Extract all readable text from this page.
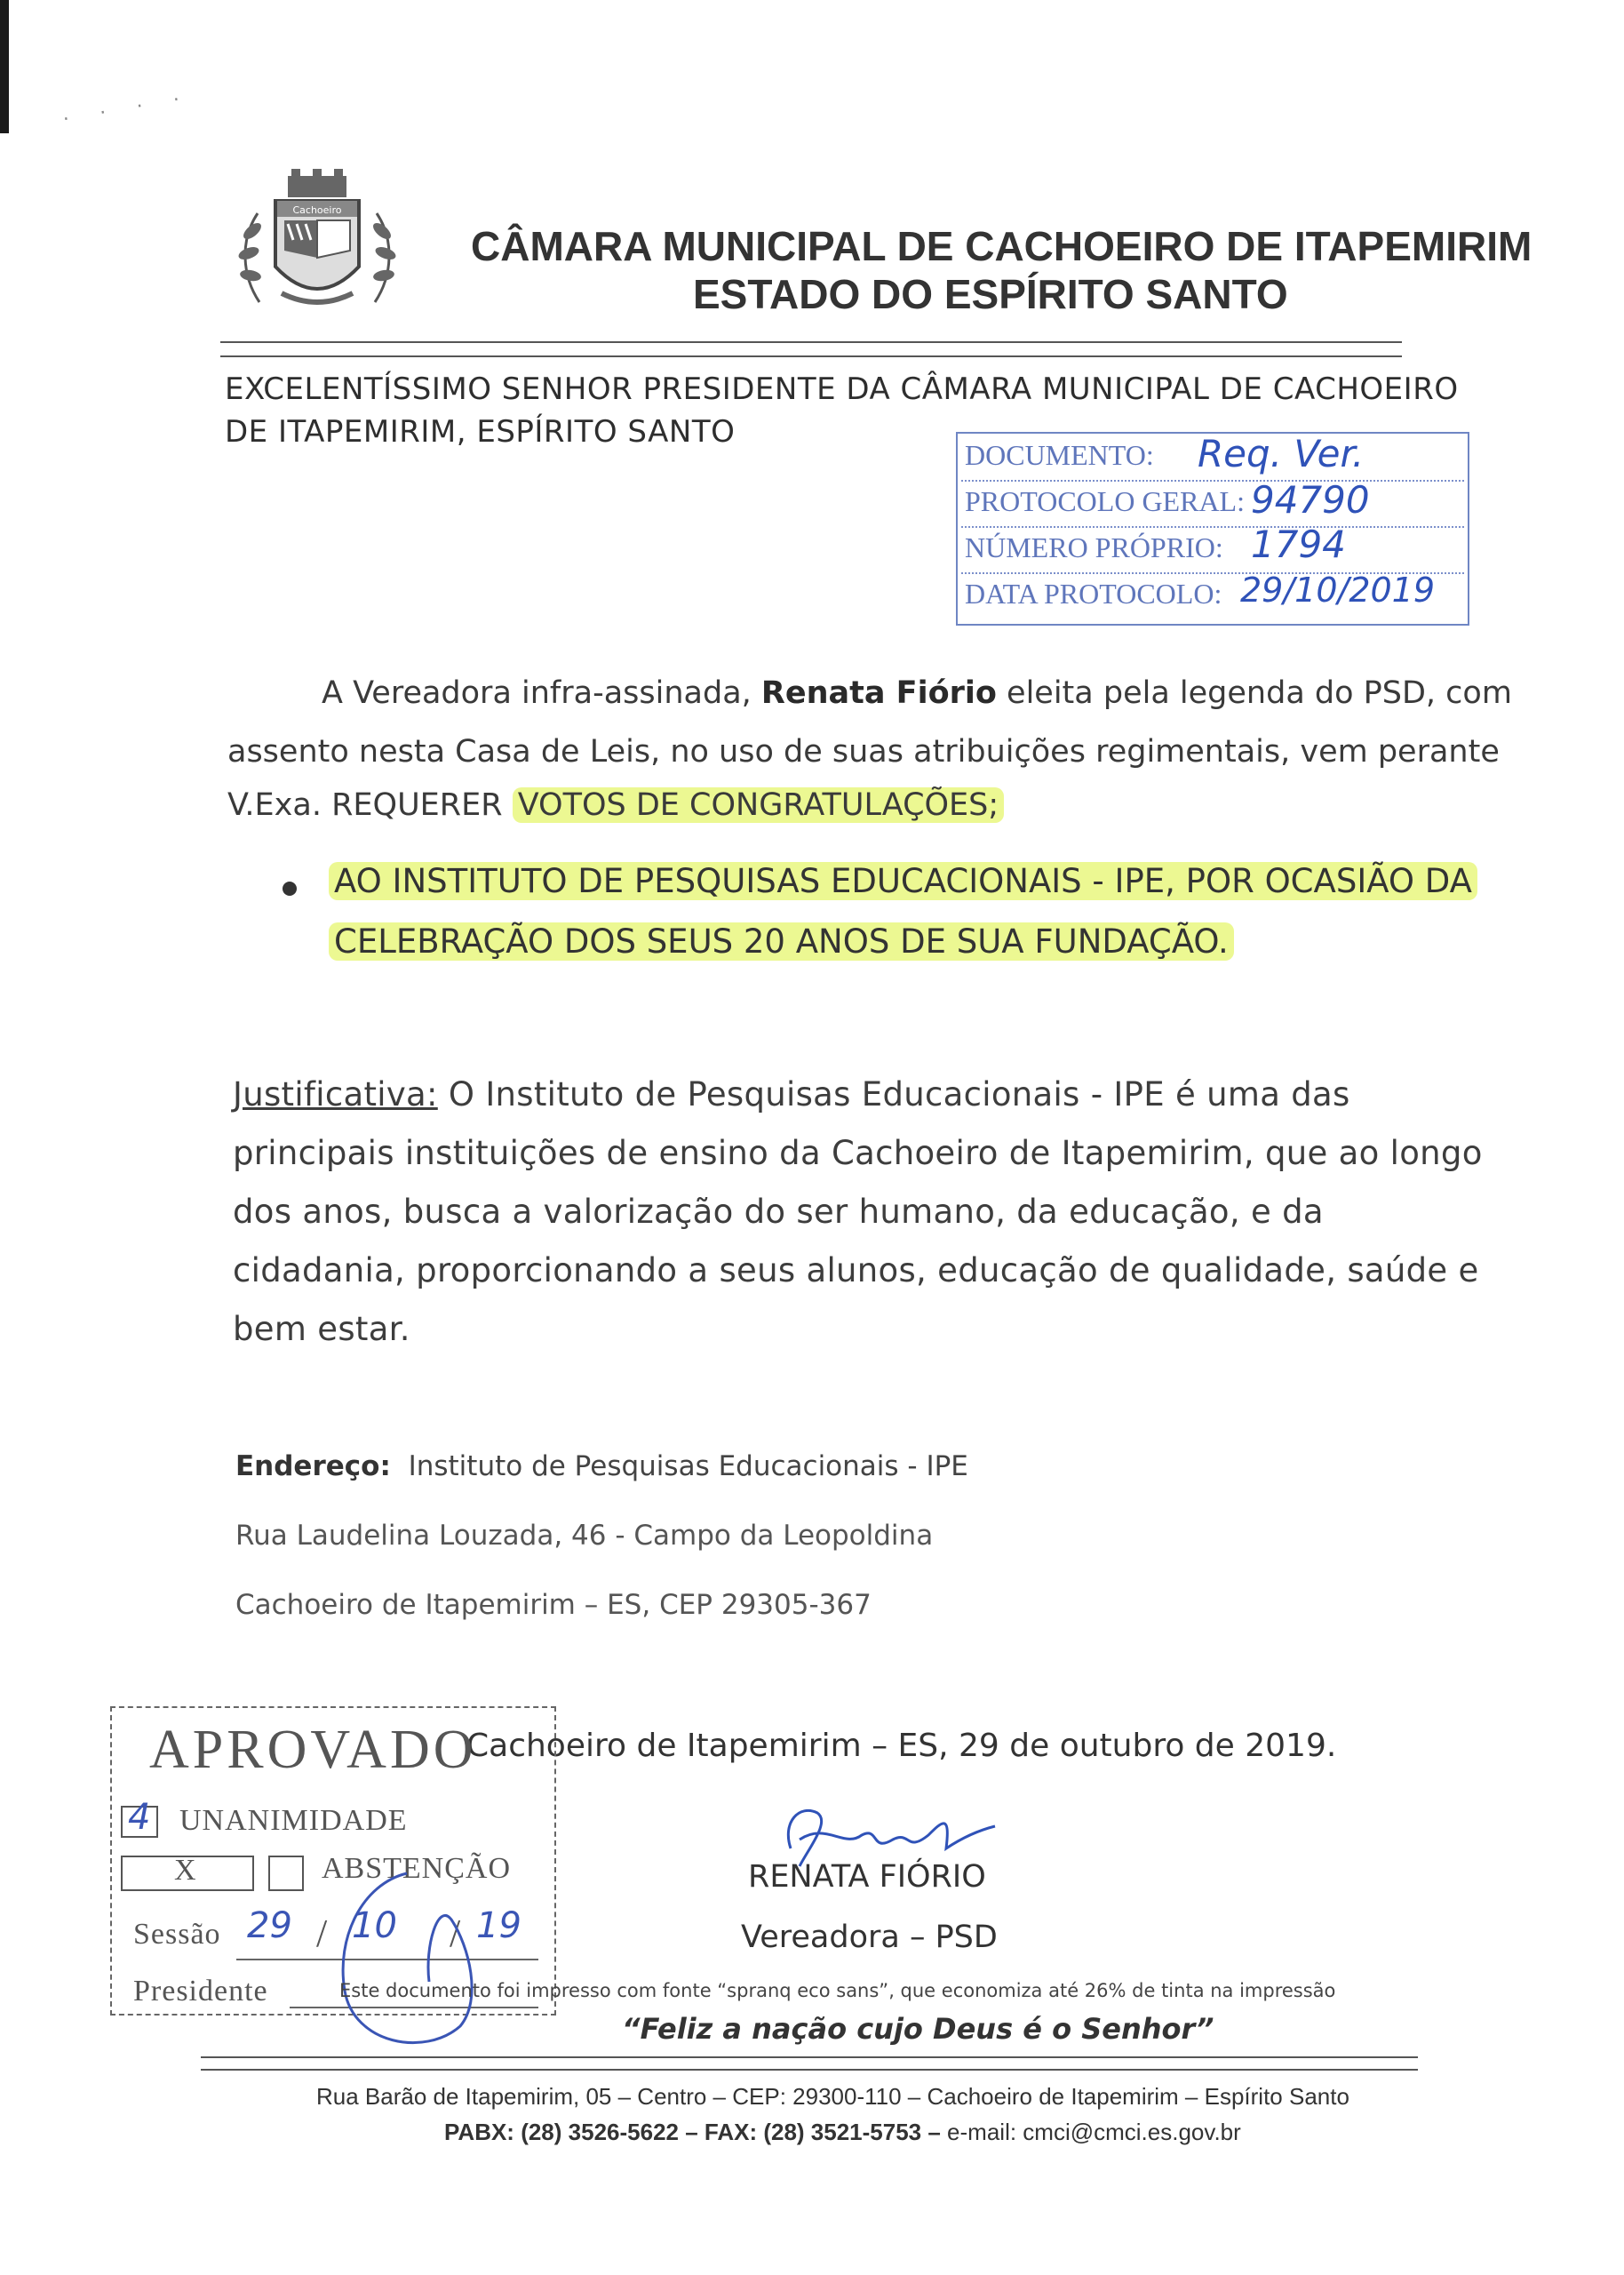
· · · ·
Cachoeiro
CÂMARA MUNICIPAL DE CACHOEIRO DE ITAPEMIRIM
ESTADO DO ESPÍRITO SANTO
EXCELENTÍSSIMO SENHOR PRESIDENTE DA CÂMARA MUNICIPAL DE CACHOEIRO
DE ITAPEMIRIM, ESPÍRITO SANTO
DOCUMENTO: Req. Ver.
PROTOCOLO GERAL: 94790
NÚMERO PRÓPRIO: 1794
DATA PROTOCOLO: 29/10/2019
A Vereadora infra-assinada, Renata Fiório eleita pela legenda do PSD, com
assento nesta Casa de Leis, no uso de suas atribuições regimentais, vem perante
V.Exa. REQUERER VOTOS DE CONGRATULAÇÕES;
AO INSTITUTO DE PESQUISAS EDUCACIONAIS - IPE, POR OCASIÃO DA
CELEBRAÇÃO DOS SEUS 20 ANOS DE SUA FUNDAÇÃO.
Justificativa: O Instituto de Pesquisas Educacionais - IPE é uma das
principais instituições de ensino da Cachoeiro de Itapemirim, que ao longo
dos anos, busca a valorização do ser humano, da educação, e da
cidadania, proporcionando a seus alunos, educação de qualidade, saúde e
bem estar.
Endereço: Instituto de Pesquisas Educacionais - IPE
Rua Laudelina Louzada, 46 - Campo da Leopoldina
Cachoeiro de Itapemirim – ES, CEP 29305-367
Cachoeiro de Itapemirim – ES, 29 de outubro de 2019.
APROVADO
4 UNANIMIDADE
X	ABSTENÇÃO
Sessão 29 10 19
/	/
Presidente
RENATA FIÓRIO
Vereadora – PSD
Este documento foi impresso com fonte “spranq eco sans”, que economiza até 26% de tinta na impressão
“Feliz a nação cujo Deus é o Senhor”
Rua Barão de Itapemirim, 05 – Centro – CEP: 29300-110 – Cachoeiro de Itapemirim – Espírito Santo
PABX: (28) 3526-5622 – FAX: (28) 3521-5753 – e-mail: cmci@cmci.es.gov.br
